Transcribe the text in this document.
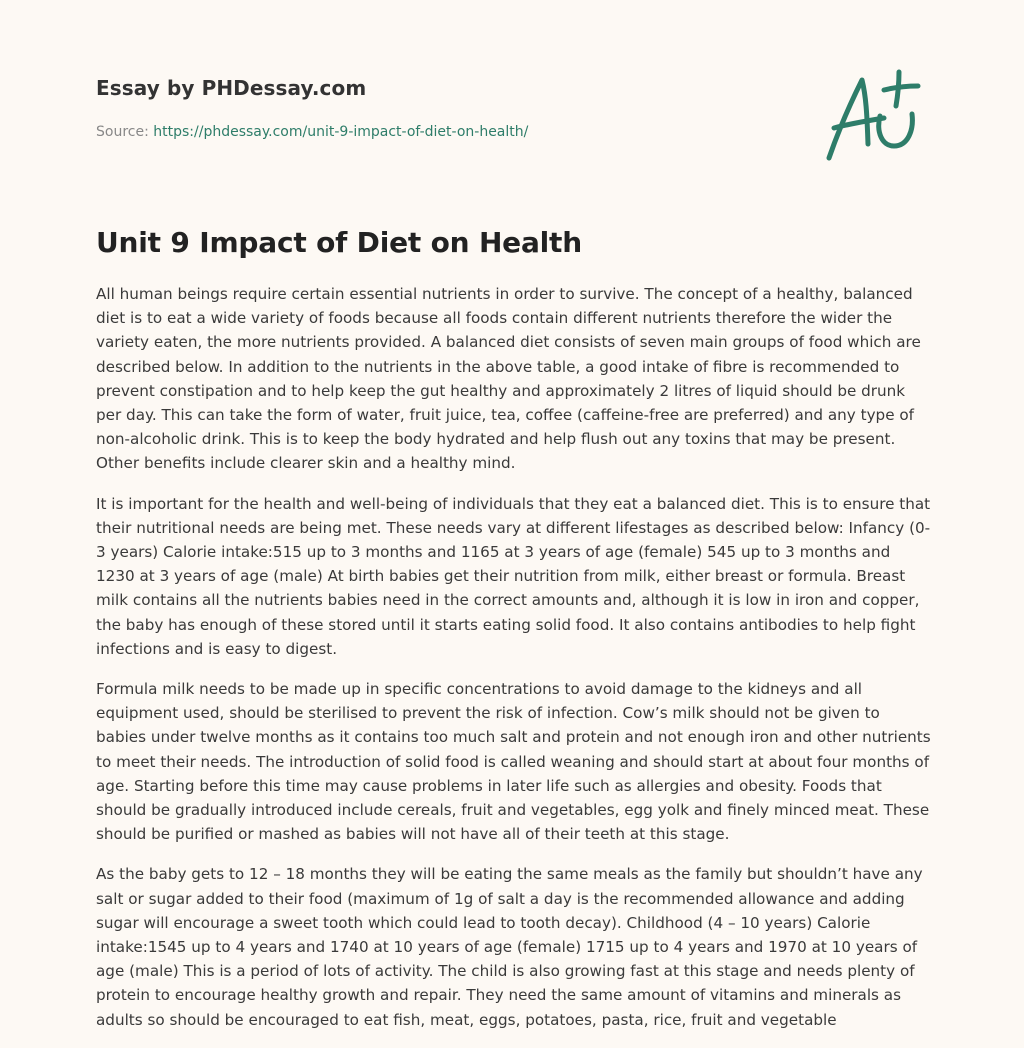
Essay by PHDessay.com
Source: https://phdessay.com/unit-9-impact-of-diet-on-health/
Unit 9 Impact of Diet on Health

All human beings require certain essential nutrients in order to survive. The concept of a healthy, balanced diet is to eat a wide variety of foods because all foods contain different nutrients therefore the wider the variety eaten, the more nutrients provided. A balanced diet consists of seven main groups of food which are described below. In addition to the nutrients in the above table, a good intake of fibre is recommended to prevent constipation and to help keep the gut healthy and approximately 2 litres of liquid should be drunk per day. This can take the form of water, fruit juice, tea, coffee (caffeine-free are preferred) and any type of non-alcoholic drink. This is to keep the body hydrated and help flush out any toxins that may be present. Other benefits include clearer skin and a healthy mind.

It is important for the health and well-being of individuals that they eat a balanced diet. This is to ensure that their nutritional needs are being met. These needs vary at different lifestages as described below: Infancy (0-3 years) Calorie intake:515 up to 3 months and 1165 at 3 years of age (female) 545 up to 3 months and 1230 at 3 years of age (male) At birth babies get their nutrition from milk, either breast or formula. Breast milk contains all the nutrients babies need in the correct amounts and, although it is low in iron and copper, the baby has enough of these stored until it starts eating solid food. It also contains antibodies to help fight infections and is easy to digest.

Formula milk needs to be made up in specific concentrations to avoid damage to the kidneys and all equipment used, should be sterilised to prevent the risk of infection. Cow’s milk should not be given to babies under twelve months as it contains too much salt and protein and not enough iron and other nutrients to meet their needs. The introduction of solid food is called weaning and should start at about four months of age. Starting before this time may cause problems in later life such as allergies and obesity. Foods that should be gradually introduced include cereals, fruit and vegetables, egg yolk and finely minced meat. These should be purified or mashed as babies will not have all of their teeth at this stage.

As the baby gets to 12 – 18 months they will be eating the same meals as the family but shouldn’t have any salt or sugar added to their food (maximum of 1g of salt a day is the recommended allowance and adding sugar will encourage a sweet tooth which could lead to tooth decay). Childhood (4 – 10 years) Calorie intake:1545 up to 4 years and 1740 at 10 years of age (female) 1715 up to 4 years and 1970 at 10 years of age (male) This is a period of lots of activity. The child is also growing fast at this stage and needs plenty of protein to encourage healthy growth and repair. They need the same amount of vitamins and minerals as adults so should be encouraged to eat fish, meat, eggs, potatoes, pasta, rice, fruit and vegetable
